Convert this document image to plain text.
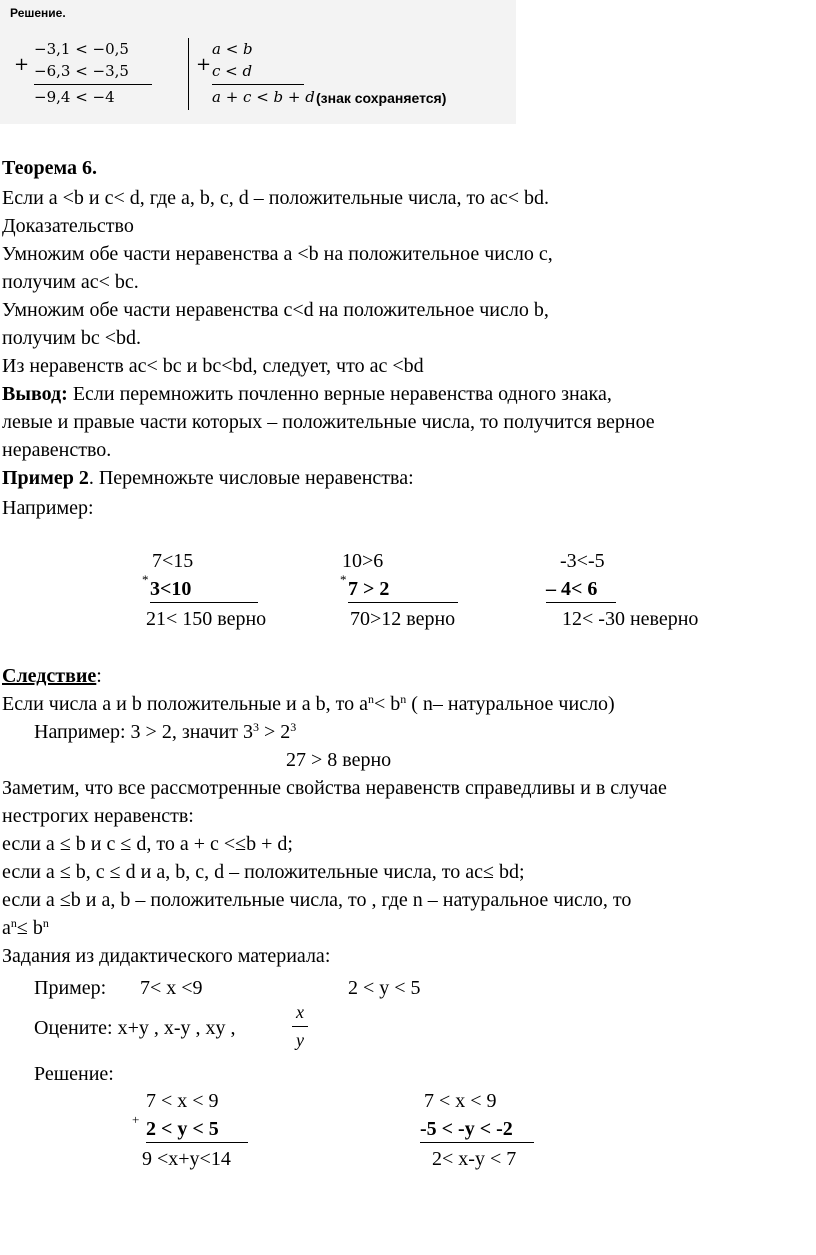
Решение.
+
−3,1 < −0,5
−6,3 < −3,5
−9,4 < −4
+
a < b
c < d
a + c < b + d (знак сохраняется)
Теорема 6.
Если a <b и c< d, где a, b, c, d – положительные числа, то ac< bd.
Доказательство
Умножим обе части неравенства a <b на положительное число c,
получим ac< bc.
Умножим обе части неравенства c<d на положительное число b,
получим bc <bd.
Из неравенств ac< bc и bc<bd, следует, что ac <bd
Вывод: Если перемножить почленно верные неравенства одного знака,
левые и правые части которых – положительные числа, то получится верное
неравенство.
Пример 2. Перемножьте числовые неравенства:
Например:
7<15
* 3<10
21< 150 верно
10>6
* 7 > 2
70>12 верно
-3<-5
– 4< 6
12< -30 неверно
Следствие:
Если числа a и b положительные и a b, то $a^n< b^n$ ( n– натуральное число)
Например: 3 > 2, значит $3^3 > 2^3$
27 > 8 верно
Заметим, что все рассмотренные свойства неравенств справедливы и в случае
нестрогих неравенств:
если a ≤ b и c ≤ d, то a + c <≤b + d;
если a ≤ b, c ≤ d и a, b, c, d – положительные числа, то ac≤ bd;
если a ≤b и a, b – положительные числа, то , где n – натуральное число, то
$a^n\le b^n$
Задания из дидактического материала:
Пример: 7< x <9	2 < y < 5
Оцените: x+y , x-y , xy ,
x
y
Решение:
7 < x < 9
+ 2 < y < 5
9 <x+y<14
7 < x < 9
-5 < -y < -2
2< x-y < 7
